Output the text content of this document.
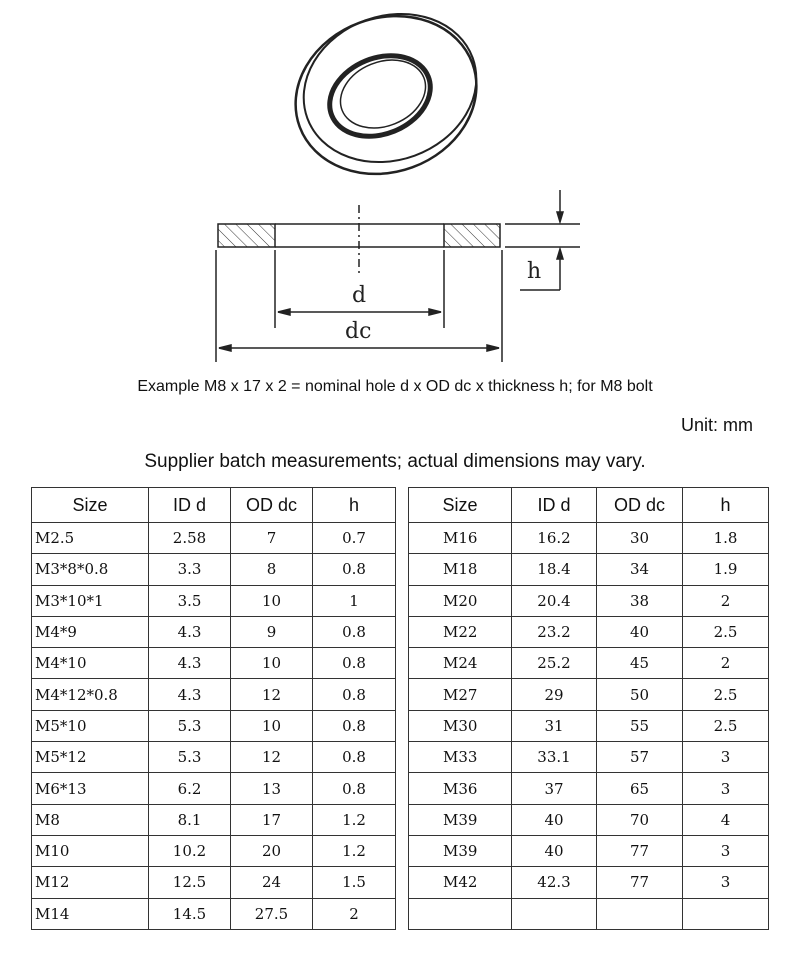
d
dc
h
Example M8 x 17 x 2 = nominal hole d x OD dc x thickness h; for M8 bolt
Unit: mm
Supplier batch measurements; actual dimensions may vary.
Size	ID d	OD dc	h
M2.5	2.58	7	0.7
M3*8*0.8	3.3	8	0.8
M3*10*1	3.5	10	1
M4*9	4.3	9	0.8
M4*10	4.3	10	0.8
M4*12*0.8	4.3	12	0.8
M5*10	5.3	10	0.8
M5*12	5.3	12	0.8
M6*13	6.2	13	0.8
M8	8.1	17	1.2
M10	10.2	20	1.2
M12	12.5	24	1.5
M14	14.5	27.5	2
Size	ID d	OD dc	h
M16	16.2	30	1.8
M18	18.4	34	1.9
M20	20.4	38	2
M22	23.2	40	2.5
M24	25.2	45	2
M27	29	50	2.5
M30	31	55	2.5
M33	33.1	57	3
M36	37	65	3
M39	40	70	4
M39	40	77	3
M42	42.3	77	3
